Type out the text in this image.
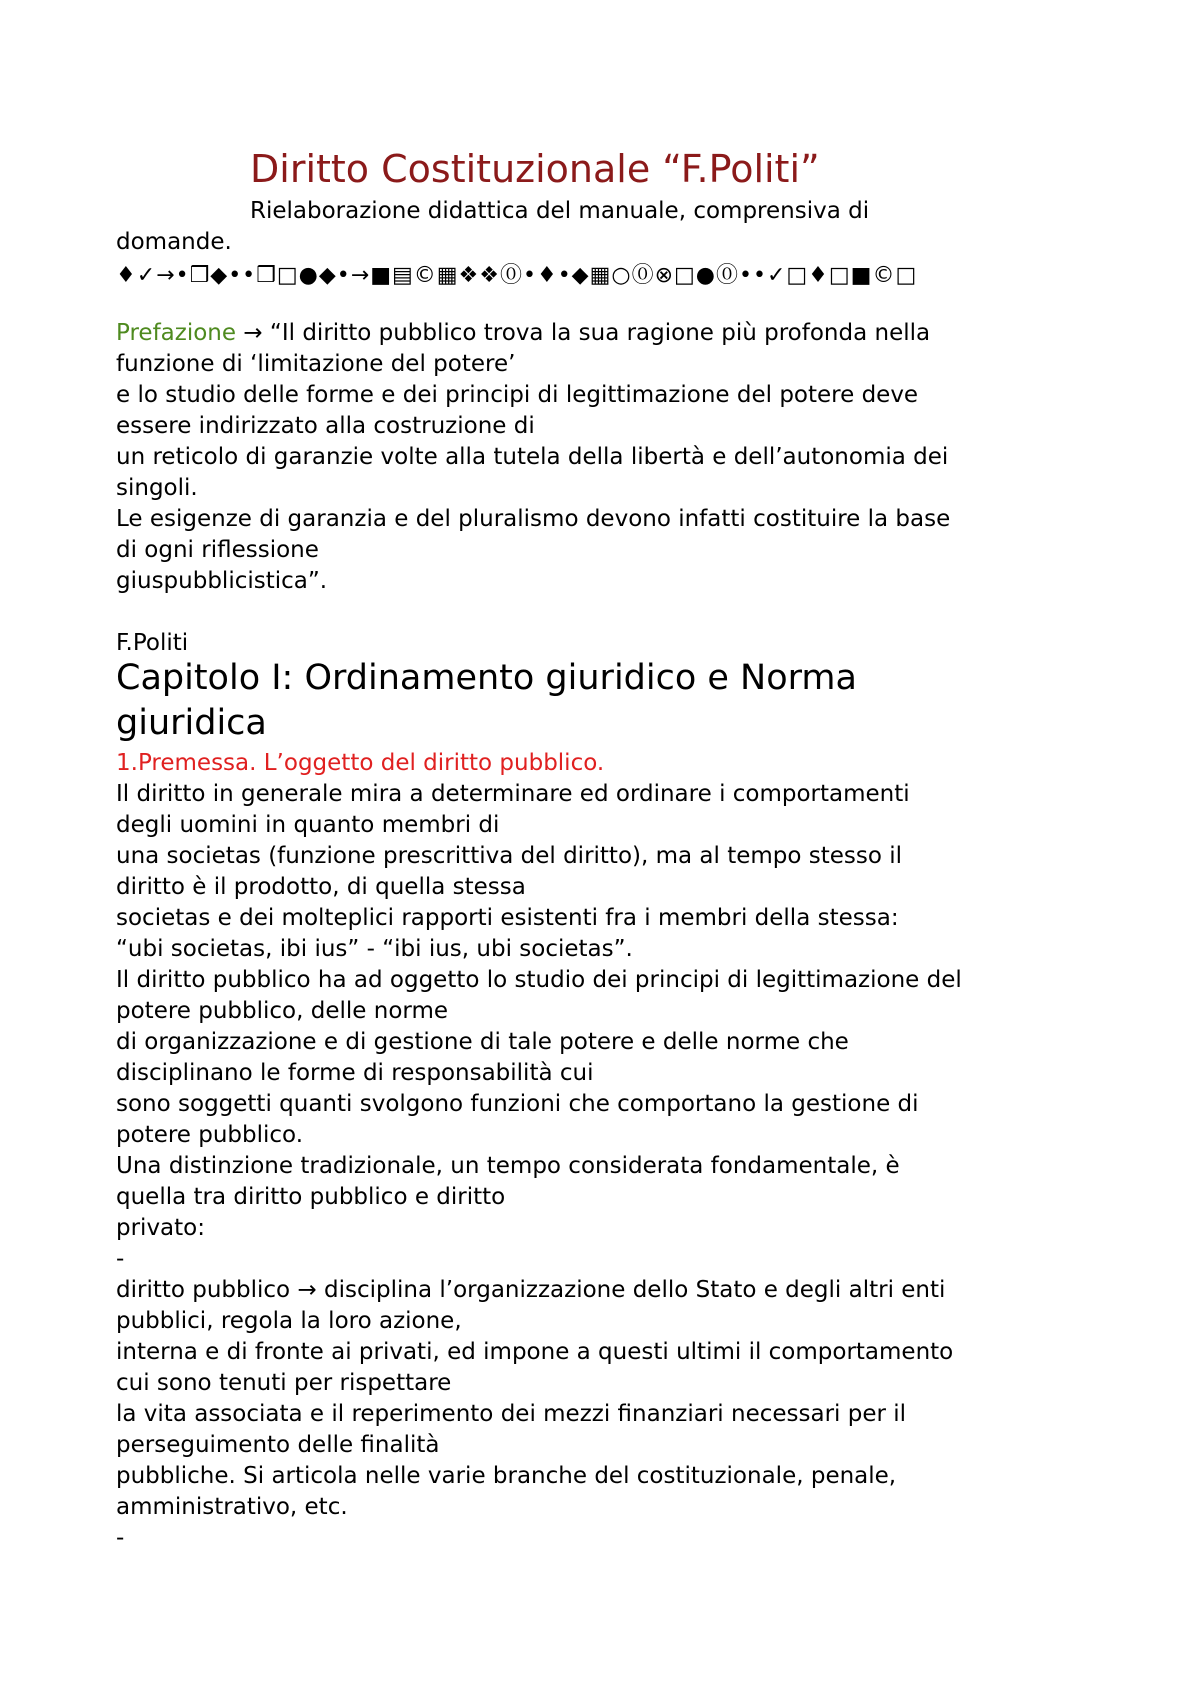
Diritto Costituzionale “F.Politi”
Rielaborazione didattica del manuale, comprensiva di
domande.
♦✓→•❒◆••❒□●◆•→■▤©▦❖❖⓪•♦•◆▦○⓪⊗□●⓪••✓□♦□■©□
Prefazione → “Il diritto pubblico trova la sua ragione più profonda nella
funzione di ‘limitazione del potere’
e lo studio delle forme e dei principi di legittimazione del potere deve
essere indirizzato alla costruzione di
un reticolo di garanzie volte alla tutela della libertà e dell’autonomia dei
singoli.
Le esigenze di garanzia e del pluralismo devono infatti costituire la base
di ogni riflessione
giuspubblicistica”.
F.Politi
Capitolo I: Ordinamento giuridico e Norma
giuridica
1.Premessa. L’oggetto del diritto pubblico.
Il diritto in generale mira a determinare ed ordinare i comportamenti
degli uomini in quanto membri di
una societas (funzione prescrittiva del diritto), ma al tempo stesso il
diritto è il prodotto, di quella stessa
societas e dei molteplici rapporti esistenti fra i membri della stessa:
“ubi societas, ibi ius” - “ibi ius, ubi societas”.
Il diritto pubblico ha ad oggetto lo studio dei principi di legittimazione del
potere pubblico, delle norme
di organizzazione e di gestione di tale potere e delle norme che
disciplinano le forme di responsabilità cui
sono soggetti quanti svolgono funzioni che comportano la gestione di
potere pubblico.
Una distinzione tradizionale, un tempo considerata fondamentale, è
quella tra diritto pubblico e diritto
privato:
-
diritto pubblico → disciplina l’organizzazione dello Stato e degli altri enti
pubblici, regola la loro azione,
interna e di fronte ai privati, ed impone a questi ultimi il comportamento
cui sono tenuti per rispettare
la vita associata e il reperimento dei mezzi finanziari necessari per il
perseguimento delle finalità
pubbliche. Si articola nelle varie branche del costituzionale, penale,
amministrativo, etc.
-
